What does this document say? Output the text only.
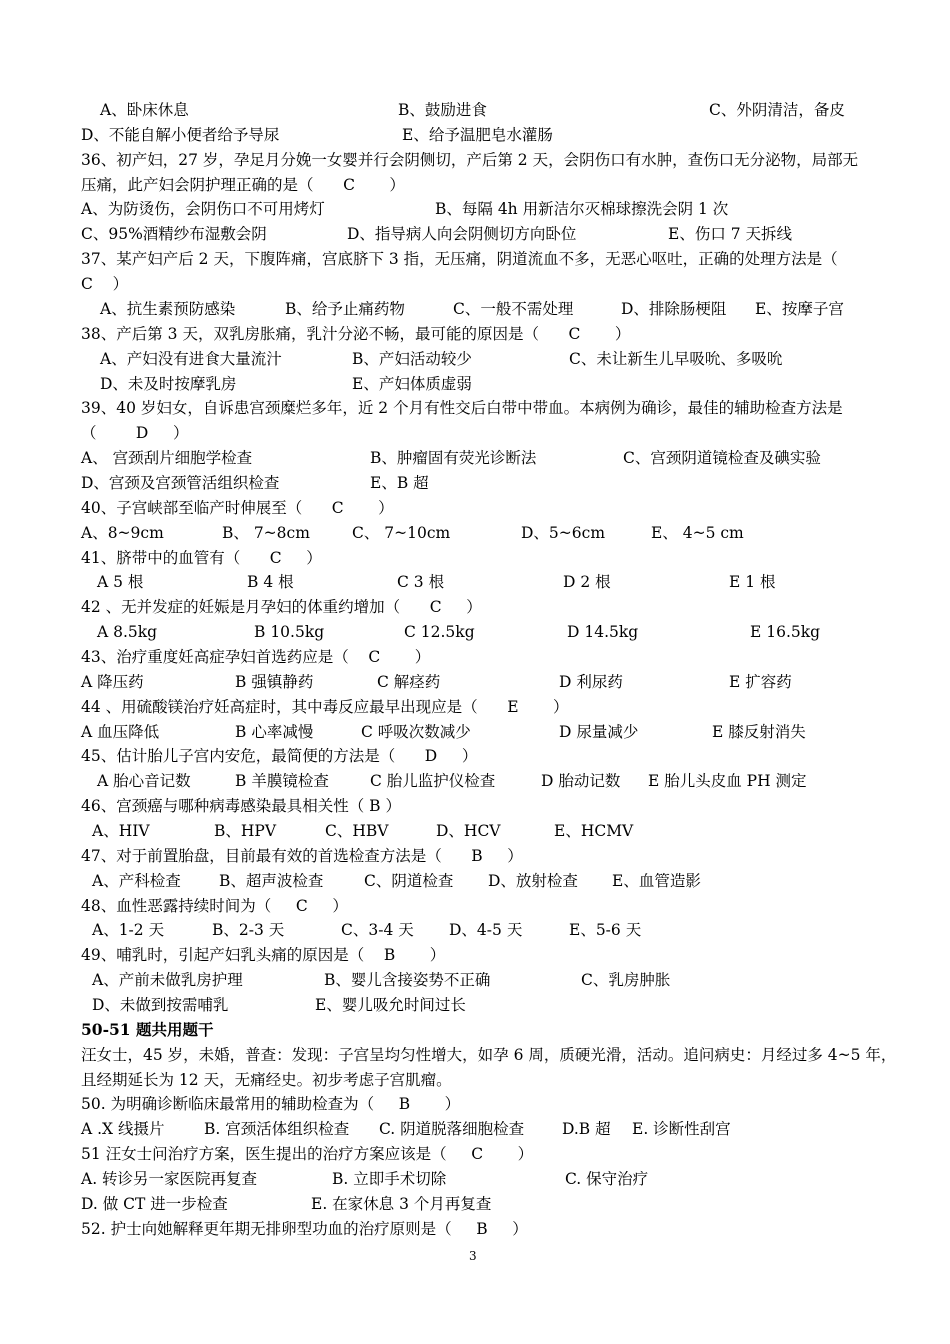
A、卧床休息	B、鼓励进食	C、外阴清洁，备皮
D、不能自解小便者给予导尿	E、给予温肥皂水灌肠
36、初产妇，27 岁，孕足月分娩一女婴并行会阴侧切，产后第 2 天，会阴伤口有水肿，查伤口无分泌物，局部无
压痛，此产妇会阴护理正确的是（      C       ）
A、为防烫伤，会阴伤口不可用烤灯	B、每隔 4h 用新洁尔灭棉球擦洗会阴 1 次
C、95%酒精纱布湿敷会阴	D、指导病人向会阴侧切方向卧位	E、伤口 7 天拆线
37、某产妇产后 2 天，下腹阵痛，宫底脐下 3 指，无压痛，阴道流血不多，无恶心呕吐，正确的处理方法是（
C    ）
A、抗生素预防感染	B、给予止痛药物	C、一般不需处理	D、排除肠梗阻 E、按摩子宫
38、产后第 3 天，双乳房胀痛，乳汁分泌不畅，最可能的原因是（      C       ）
A、产妇没有进食大量流汁	B、产妇活动较少	C、未让新生儿早吸吮、多吸吮
D、未及时按摩乳房	E、产妇体质虚弱
39、40 岁妇女，自诉患宫颈糜烂多年，近 2 个月有性交后白带中带血。本病例为确诊，最佳的辅助检查方法是
（        D     ）
A、 宫颈刮片细胞学检查	B、肿瘤固有荧光诊断法	C、宫颈阴道镜检查及碘实验
D、宫颈及宫颈管活组织检查	E、B 超
40、子宫峡部至临产时伸展至（      C       ）
A、8~9cm	B、 7~8cm	C、 7~10cm	D、5~6cm	E、 4~5 cm
41、脐带中的血管有（      C     ）
A 5 根	B 4 根	C 3 根	D 2 根	E 1 根
42 、无并发症的妊娠是月孕妇的体重约增加（      C     ）
A 8.5kg	B 10.5kg	C 12.5kg	D 14.5kg	E 16.5kg
43、治疗重度妊高症孕妇首选药应是（    C       ）
A 降压药	B 强镇静药	C 解痉药	D 利尿药	E 扩容药
44 、用硫酸镁治疗妊高症时，其中毒反应最早出现应是（      E       ）
A 血压降低	B 心率减慢	C 呼吸次数减少	D 尿量减少	E 膝反射消失
45、估计胎儿子宫内安危，最简便的方法是（      D     ）
A 胎心音记数	B 羊膜镜检查	C 胎儿监护仪检查	D 胎动记数 E 胎儿头皮血 PH 测定
46、宫颈癌与哪种病毒感染最具相关性（ B ）
A、HIV	B、HPV	C、HBV	D、HCV	E、HCMV
47、对于前置胎盘，目前最有效的首选检查方法是（      B     ）
A、产科检查 B、超声波检查	C、阴道检查 D、放射检查 E、血管造影
48、血性恶露持续时间为（     C     ）
A、1-2 天	B、2-3 天	C、3-4 天 D、4-5 天	E、5-6 天
49、哺乳时，引起产妇乳头痛的原因是（    B       ）
A、产前未做乳房护理	B、婴儿含接姿势不正确	C、乳房肿胀
D、未做到按需哺乳	E、婴儿吸允时间过长
50-51 题共用题干
汪女士，45 岁，未婚，普查：发现：子宫呈均匀性增大，如孕 6 周，质硬光滑，活动。追问病史：月经过多 4~5 年，
且经期延长为 12 天，无痛经史。初步考虑子宫肌瘤。
50. 为明确诊断临床最常用的辅助检查为（     B       ）
A .X 线摄片	B. 宫颈活体组织检查 C. 阴道脱落细胞检查 D.B 超 E. 诊断性刮宫
51 汪女士问治疗方案，医生提出的治疗方案应该是（     C       ）
A. 转诊另一家医院再复查	B. 立即手术切除	C. 保守治疗
D. 做 CT 进一步检查	E. 在家休息 3 个月再复查
52. 护士向她解释更年期无排卵型功血的治疗原则是（     B     ）
3
